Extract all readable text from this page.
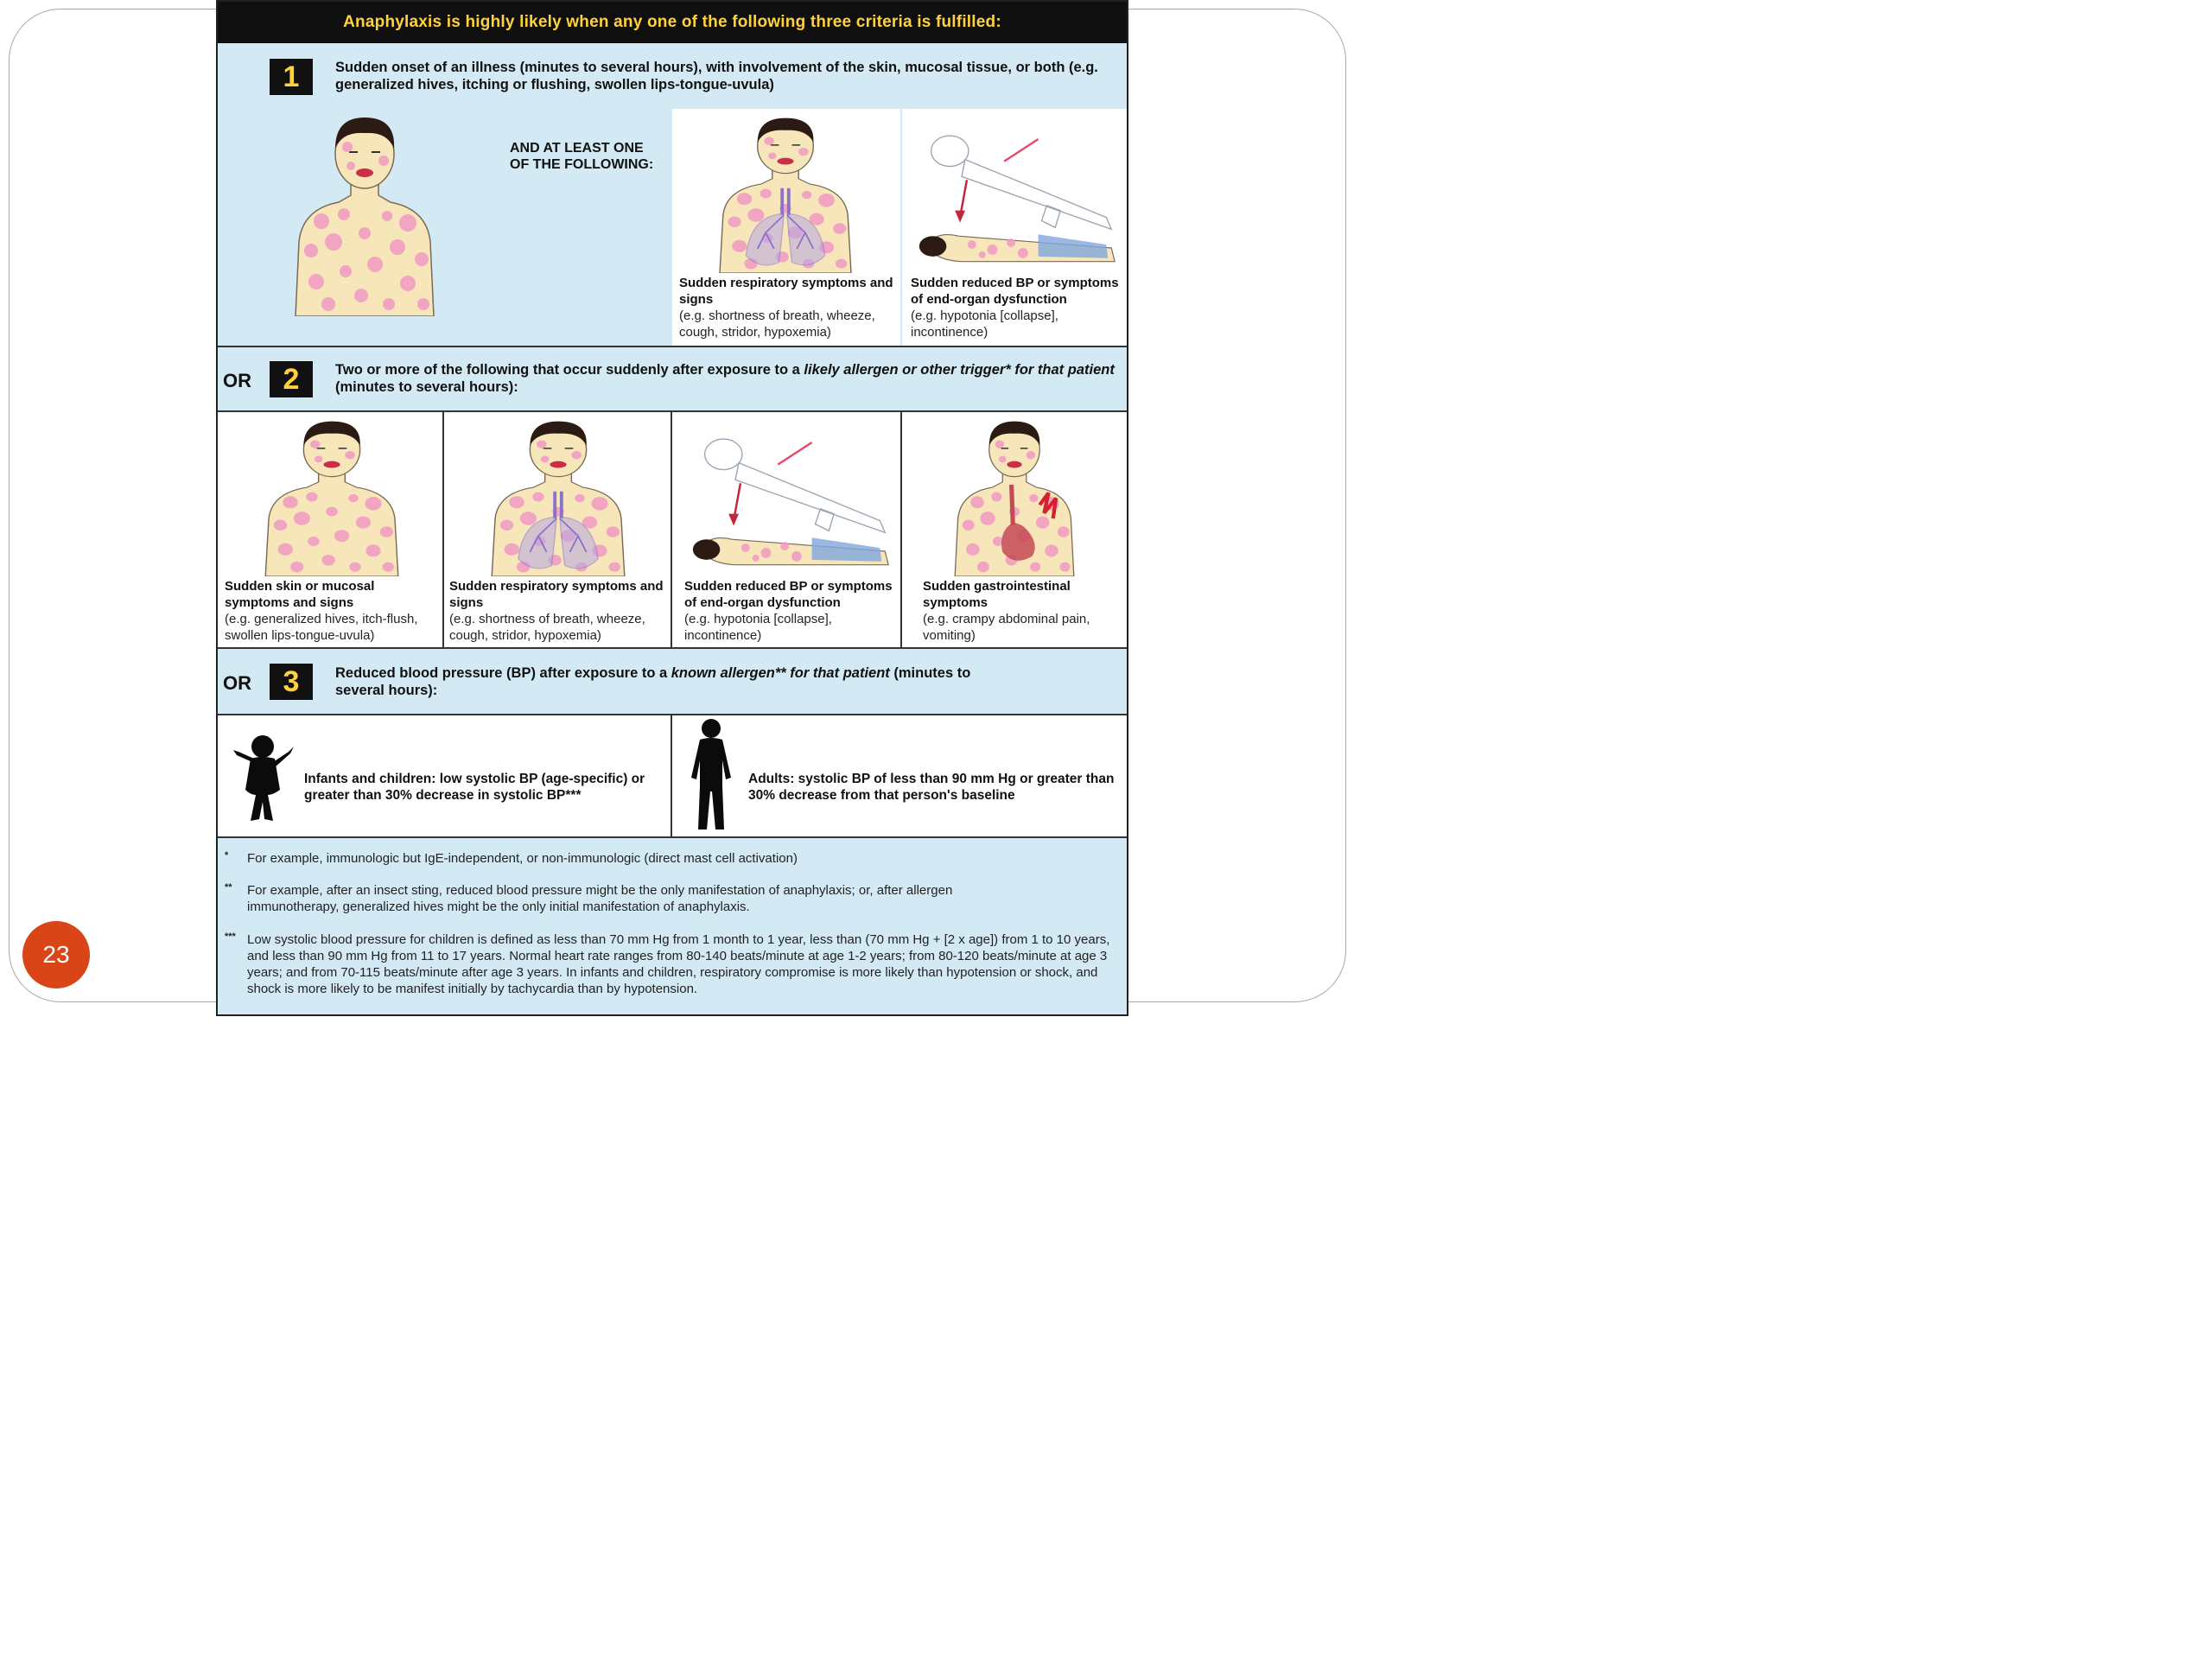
Anaphylaxis is highly likely when any one of the following three criteria is fulfilled:
1	Sudden onset of an illness (minutes to several hours), with involvement of the skin, mucosal tissue, or both (e.g. generalized hives, itching or flushing, swollen lips-tongue-uvula)
AND AT LEAST ONE
OF THE FOLLOWING:
Sudden respiratory symptoms and signs
(e.g. shortness of breath, wheeze, cough, stridor, hypoxemia)
Sudden reduced BP or symptoms of end-organ dysfunction
(e.g. hypotonia [collapse], incontinence)
OR	2	Two or more of the following that occur suddenly after exposure to a likely allergen or other trigger* for that patient (minutes to several hours):
Sudden skin or mucosal symptoms and signs
(e.g. generalized hives, itch-flush, swollen lips-tongue-uvula)
Sudden respiratory symptoms and signs
(e.g. shortness of breath, wheeze, cough, stridor, hypoxemia)
Sudden reduced BP or symptoms of end-organ dysfunction
(e.g. hypotonia [collapse], incontinence)
Sudden gastrointestinal symptoms
(e.g. crampy abdominal pain, vomiting)
OR	3	Reduced blood pressure (BP) after exposure to a known allergen** for that patient (minutes to several hours):
Infants and children: low systolic BP (age-specific) or greater than 30% decrease in systolic BP***
Adults: systolic BP of less than 90 mm Hg or greater than 30% decrease from that person's baseline
* For example, immunologic but IgE-independent, or non-immunologic (direct mast cell activation)
** For example, after an insect sting, reduced blood pressure might be the only manifestation of anaphylaxis; or, after allergen immunotherapy, generalized hives might be the only initial manifestation of anaphylaxis.
*** Low systolic blood pressure for children is defined as less than 70 mm Hg from 1 month to 1 year, less than (70 mm Hg + [2 x age]) from 1 to 10 years, and less than 90 mm Hg from 11 to 17 years. Normal heart rate ranges from 80-140 beats/minute at age 1-2 years; from 80-120 beats/minute at age 3 years; and from 70-115 beats/minute after age 3 years. In infants and children, respiratory compromise is more likely than hypotension or shock, and shock is more likely to be manifest initially by tachycardia than by hypotension.
23
